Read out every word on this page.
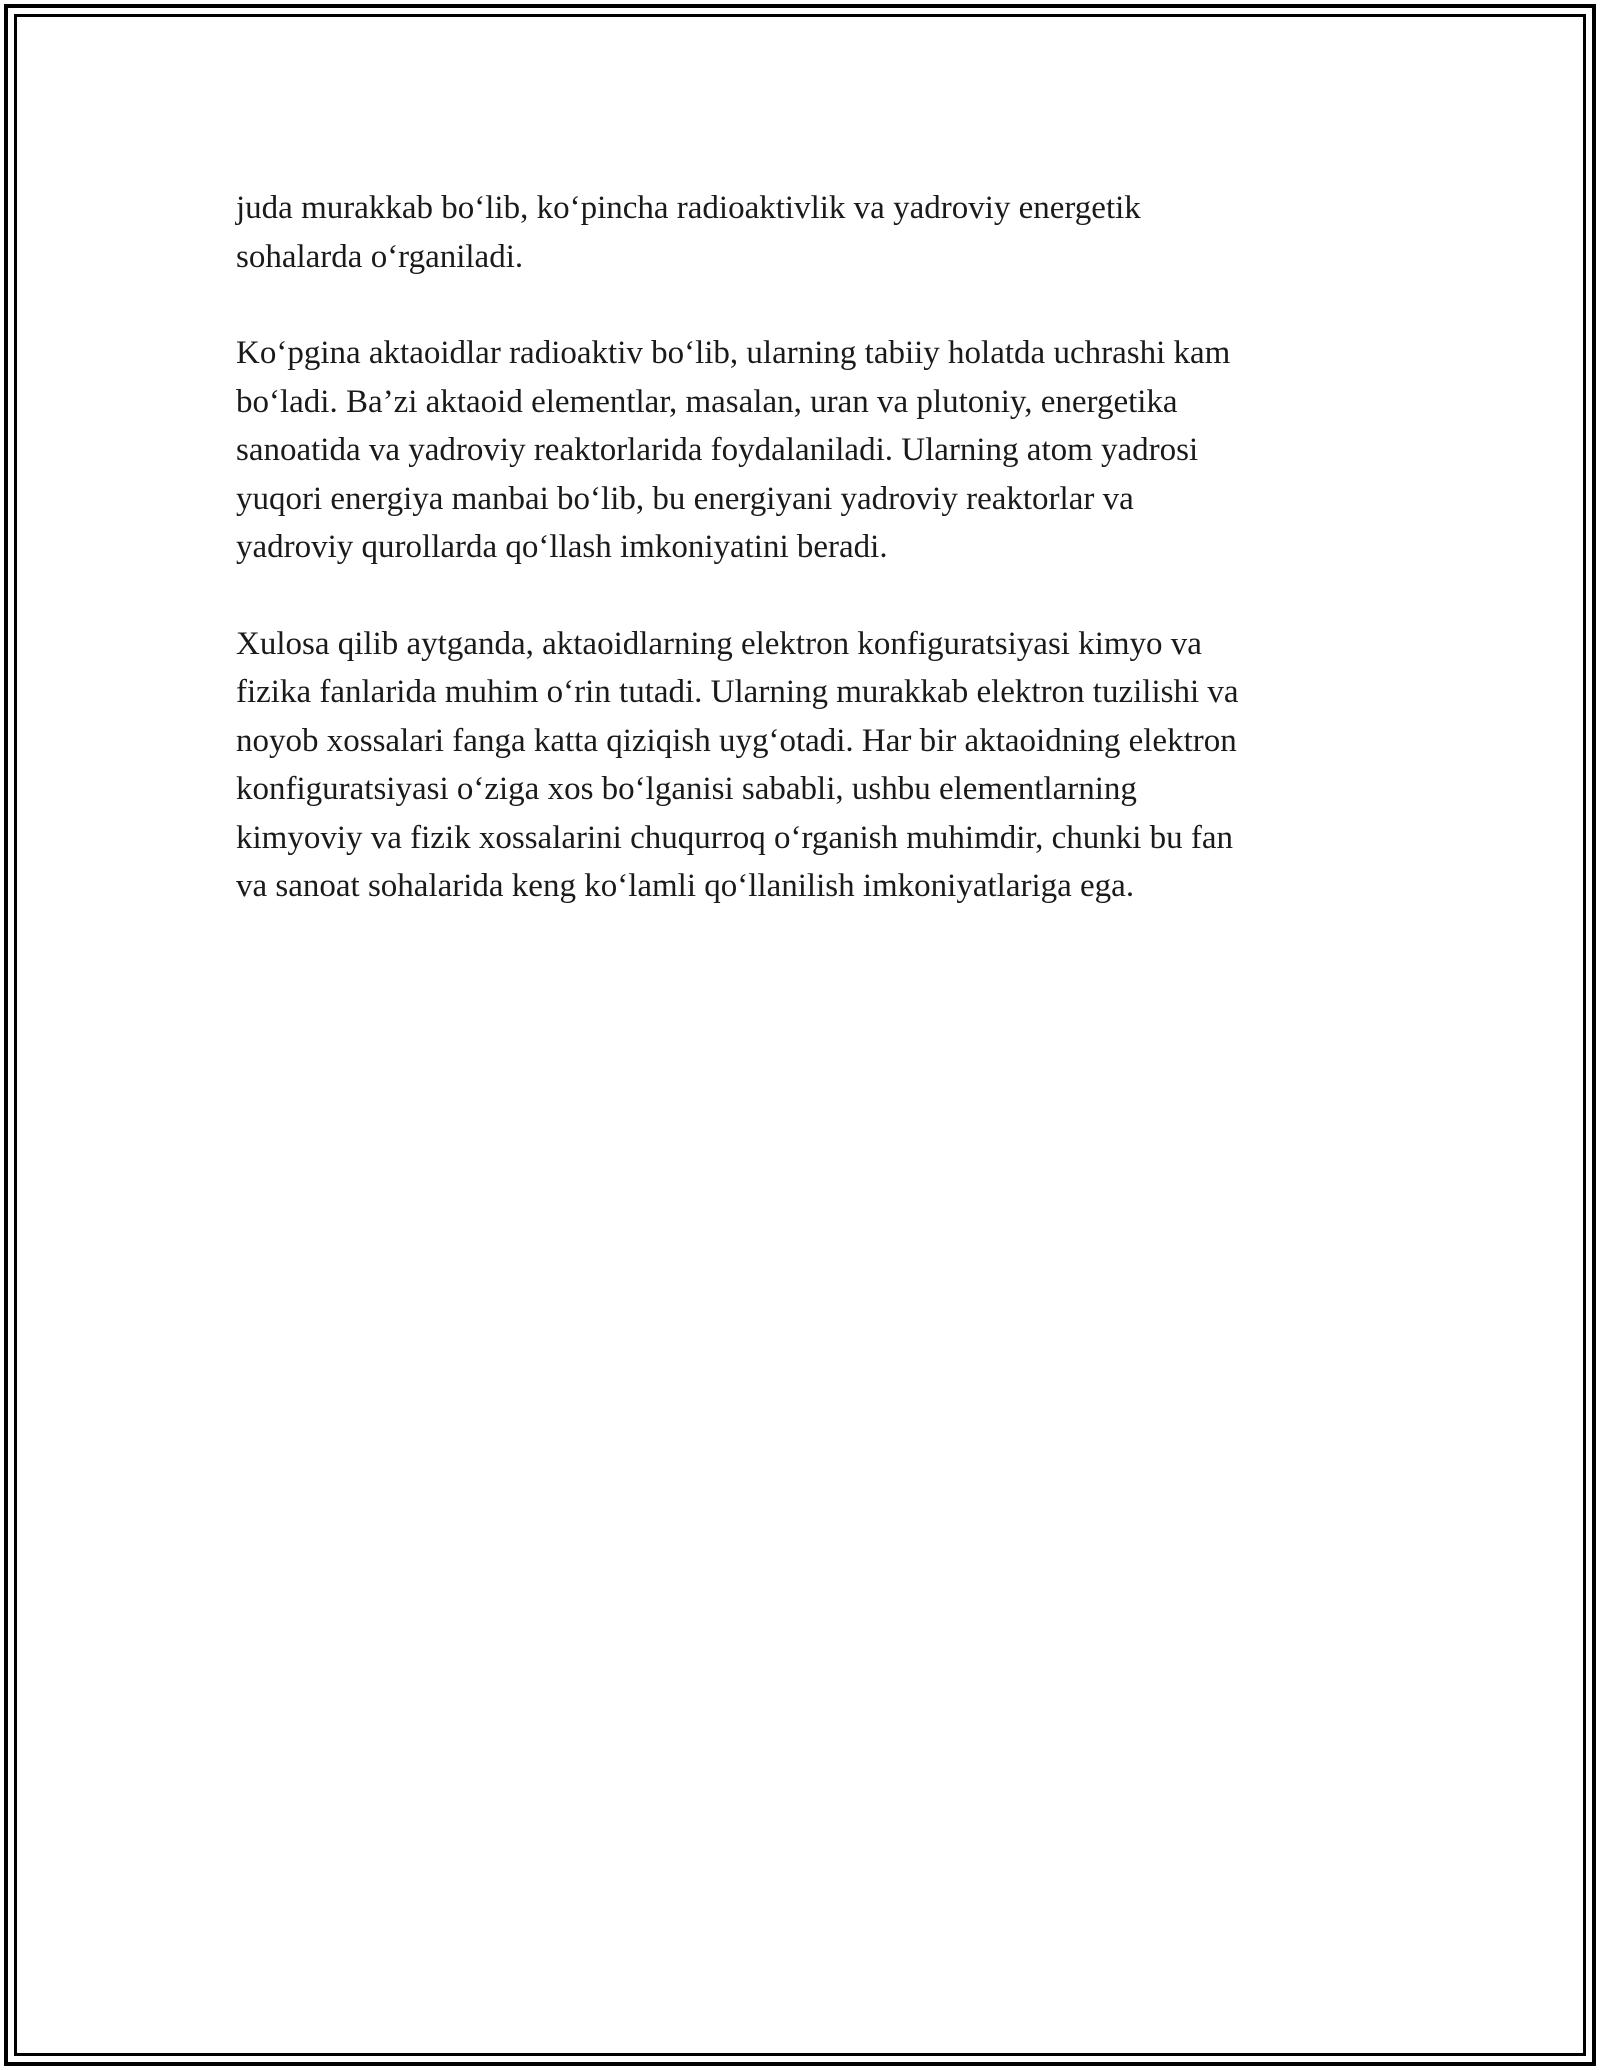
juda murakkab bo‘lib, ko‘pincha radioaktivlik va yadroviy energetik
sohalarda o‘rganiladi.

Ko‘pgina aktaoidlar radioaktiv bo‘lib, ularning tabiiy holatda uchrashi kam
bo‘ladi. Ba’zi aktaoid elementlar, masalan, uran va plutoniy, energetika
sanoatida va yadroviy reaktorlarida foydalaniladi. Ularning atom yadrosi
yuqori energiya manbai bo‘lib, bu energiyani yadroviy reaktorlar va
yadroviy qurollarda qo‘llash imkoniyatini beradi.

Xulosa qilib aytganda, aktaoidlarning elektron konfiguratsiyasi kimyo va
fizika fanlarida muhim o‘rin tutadi. Ularning murakkab elektron tuzilishi va
noyob xossalari fanga katta qiziqish uyg‘otadi. Har bir aktaoidning elektron
konfiguratsiyasi o‘ziga xos bo‘lganisi sababli, ushbu elementlarning
kimyoviy va fizik xossalarini chuqurroq o‘rganish muhimdir, chunki bu fan
va sanoat sohalarida keng ko‘lamli qo‘llanilish imkoniyatlariga ega.
